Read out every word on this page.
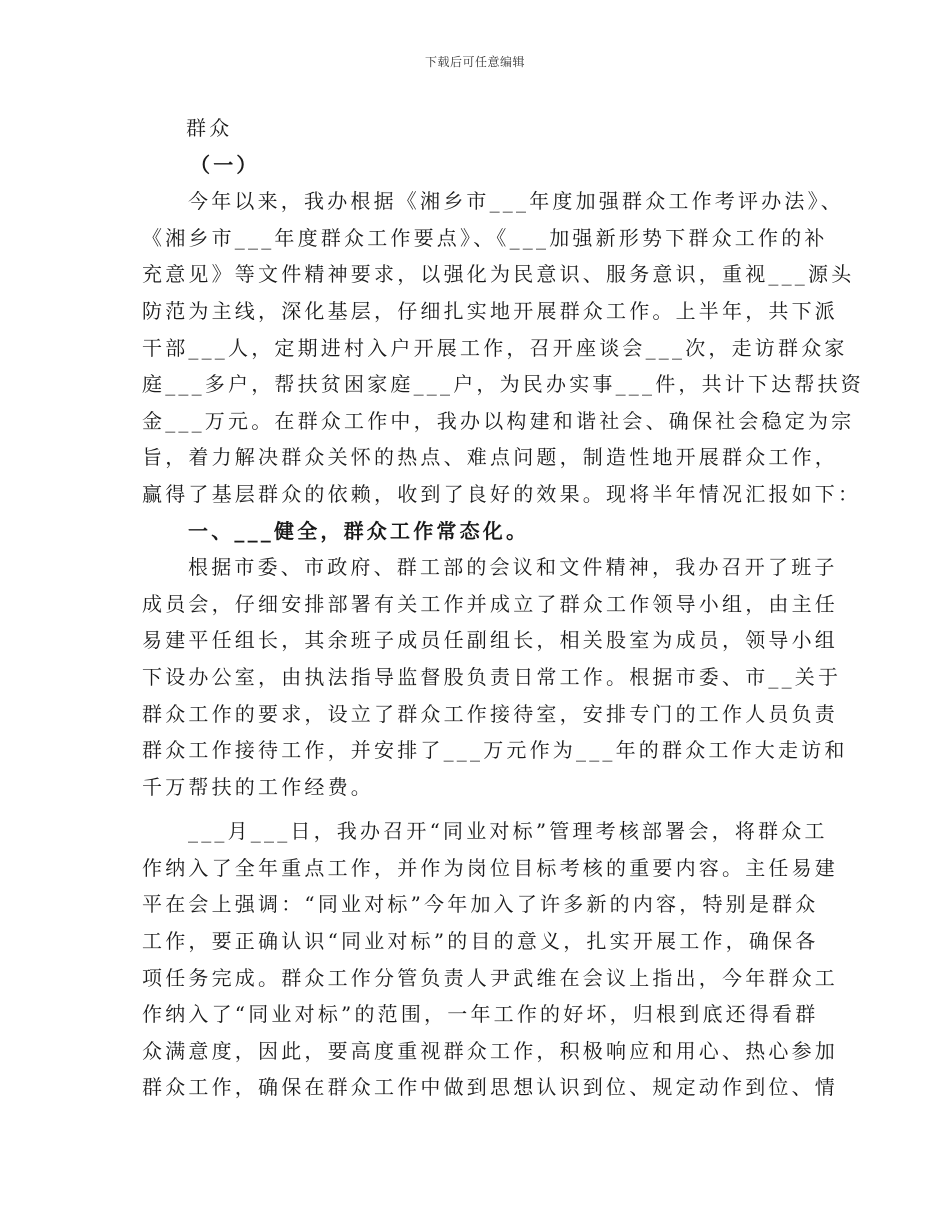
下载后可任意编辑
群众
（一）
今年以来，我办根据《湘乡市___年度加强群众工作考评办法》、
《湘乡市___年度群众工作要点》、《___加强新形势下群众工作的补
充意见》等文件精神要求，以强化为民意识、服务意识，重视___源头
防范为主线，深化基层，仔细扎实地开展群众工作。上半年，共下派
干部___人，定期进村入户开展工作，召开座谈会___次，走访群众家
庭___多户，帮扶贫困家庭___户，为民办实事___件，共计下达帮扶资
金___万元。在群众工作中，我办以构建和谐社会、确保社会稳定为宗
旨，着力解决群众关怀的热点、难点问题，制造性地开展群众工作，
赢得了基层群众的依赖，收到了良好的效果。现将半年情况汇报如下：
一、___健全，群众工作常态化。
根据市委、市政府、群工部的会议和文件精神，我办召开了班子
成员会，仔细安排部署有关工作并成立了群众工作领导小组，由主任
易建平任组长，其余班子成员任副组长，相关股室为成员，领导小组
下设办公室，由执法指导监督股负责日常工作。根据市委、市__关于
群众工作的要求，设立了群众工作接待室，安排专门的工作人员负责
群众工作接待工作，并安排了___万元作为___年的群众工作大走访和
千万帮扶的工作经费。
___月___日，我办召开“同业对标”管理考核部署会，将群众工
作纳入了全年重点工作，并作为岗位目标考核的重要内容。主任易建
平在会上强调：“同业对标”今年加入了许多新的内容，特别是群众
工作，要正确认识“同业对标”的目的意义，扎实开展工作，确保各
项任务完成。群众工作分管负责人尹武维在会议上指出，今年群众工
作纳入了“同业对标”的范围，一年工作的好坏，归根到底还得看群
众满意度，因此，要高度重视群众工作，积极响应和用心、热心参加
群众工作，确保在群众工作中做到思想认识到位、规定动作到位、情
